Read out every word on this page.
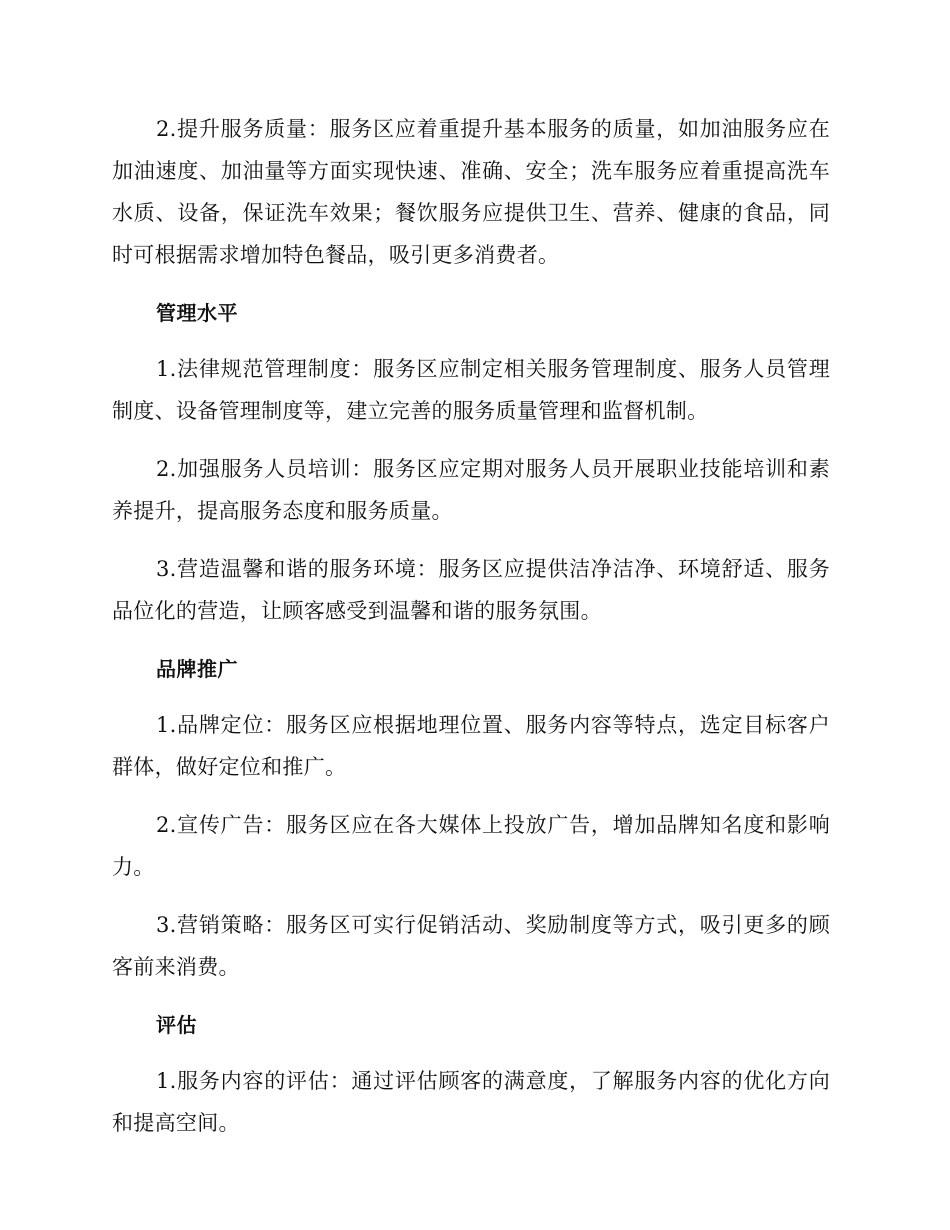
2.提升服务质量：服务区应着重提升基本服务的质量，如加油服务应在加油速度、加油量等方面实现快速、准确、安全；洗车服务应着重提高洗车水质、设备，保证洗车效果；餐饮服务应提供卫生、营养、健康的食品，同时可根据需求增加特色餐品，吸引更多消费者。

管理水平

1.法律规范管理制度：服务区应制定相关服务管理制度、服务人员管理制度、设备管理制度等，建立完善的服务质量管理和监督机制。

2.加强服务人员培训：服务区应定期对服务人员开展职业技能培训和素养提升，提高服务态度和服务质量。

3.营造温馨和谐的服务环境：服务区应提供洁净洁净、环境舒适、服务品位化的营造，让顾客感受到温馨和谐的服务氛围。

品牌推广

1.品牌定位：服务区应根据地理位置、服务内容等特点，选定目标客户群体，做好定位和推广。

2.宣传广告：服务区应在各大媒体上投放广告，增加品牌知名度和影响力。

3.营销策略：服务区可实行促销活动、奖励制度等方式，吸引更多的顾客前来消费。

评估

1.服务内容的评估：通过评估顾客的满意度，了解服务内容的优化方向和提高空间。
